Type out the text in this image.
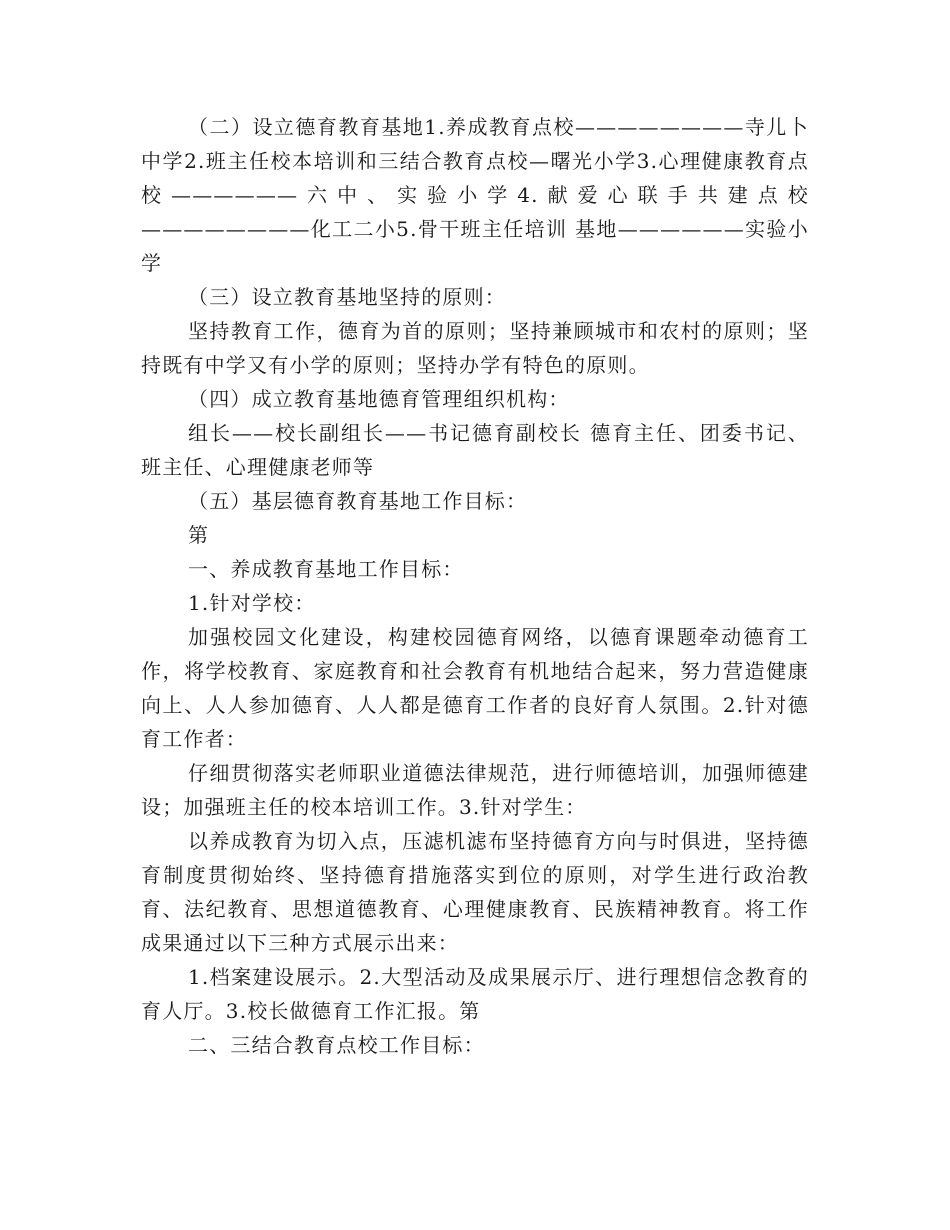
（二）设立德育教育基地1.养成教育点校————————寺儿卜中学2.班主任校本培训和三结合教育点校—曙光小学3.心理健康教育点校——————六中、实验小学4.献爱心联手共建点校————————化工二小5.骨干班主任培训 基地——————实验小学

（三）设立教育基地坚持的原则：

坚持教育工作，德育为首的原则；坚持兼顾城市和农村的原则；坚持既有中学又有小学的原则；坚持办学有特色的原则。

（四）成立教育基地德育管理组织机构：

组长——校长副组长——书记德育副校长 德育主任、团委书记、班主任、心理健康老师等

（五）基层德育教育基地工作目标：

第

一、养成教育基地工作目标：

1.针对学校：

加强校园文化建设，构建校园德育网络，以德育课题牵动德育工作，将学校教育、家庭教育和社会教育有机地结合起来，努力营造健康向上、人人参加德育、人人都是德育工作者的良好育人氛围。2.针对德育工作者：

仔细贯彻落实老师职业道德法律规范，进行师德培训，加强师德建设；加强班主任的校本培训工作。3.针对学生：

以养成教育为切入点，压滤机滤布坚持德育方向与时俱进，坚持德育制度贯彻始终、坚持德育措施落实到位的原则，对学生进行政治教育、法纪教育、思想道德教育、心理健康教育、民族精神教育。将工作成果通过以下三种方式展示出来：

1.档案建设展示。2.大型活动及成果展示厅、进行理想信念教育的育人厅。3.校长做德育工作汇报。第

二、三结合教育点校工作目标：
